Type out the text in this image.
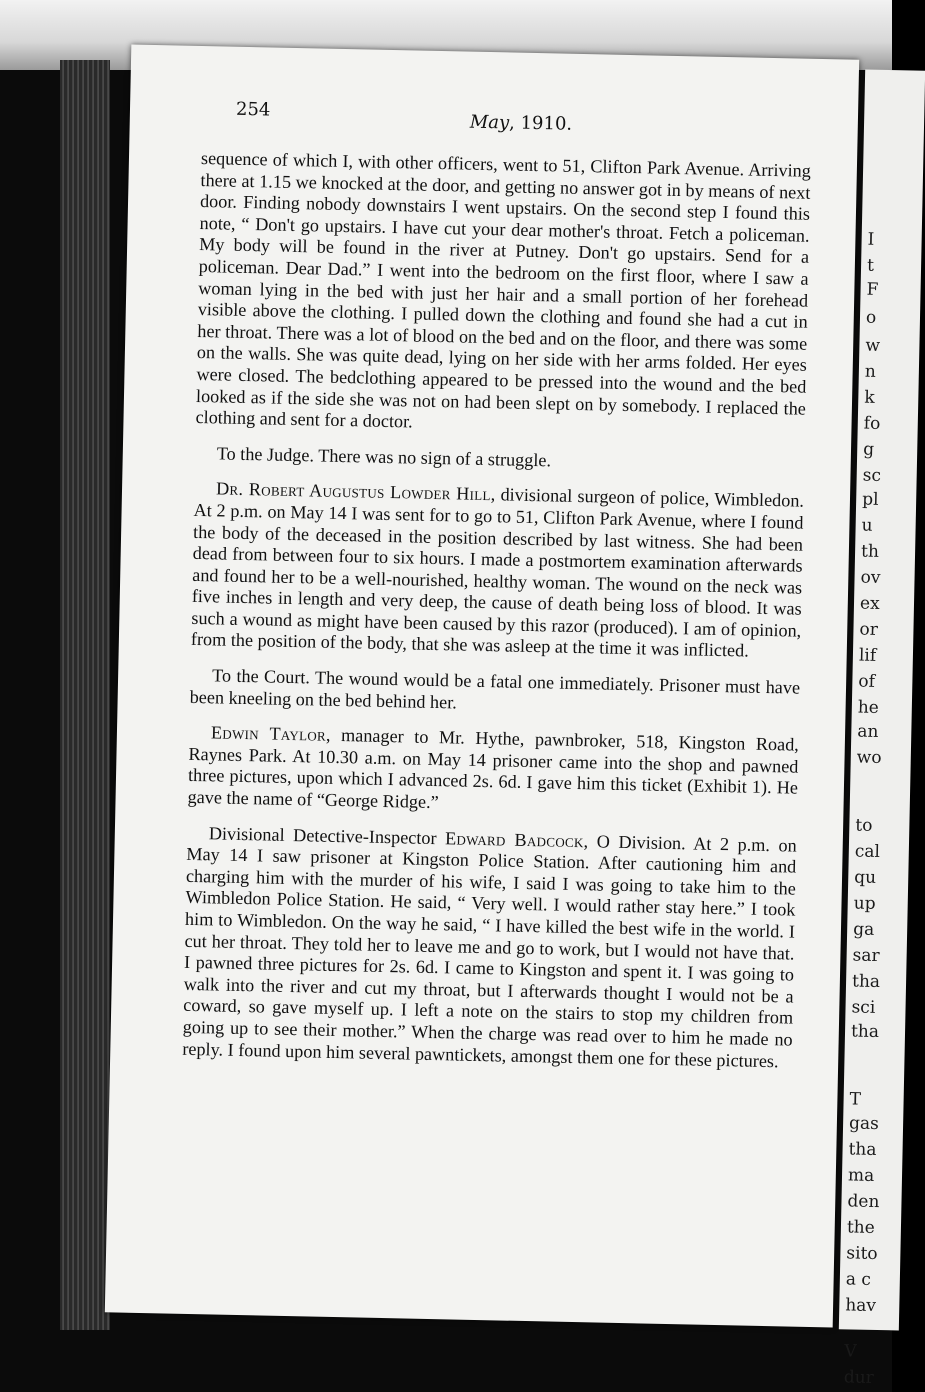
254
May, 1910.

sequence of which I, with other officers, went to 51, Clifton Park Avenue. Arriving there at 1.15 we knocked at the door, and getting no answer got in by means of next door. Finding nobody downstairs I went upstairs. On the second step I found this note, “ Don't go upstairs. I have cut your dear mother's throat. Fetch a policeman. My body will be found in the river at Putney. Don't go upstairs. Send for a policeman. Dear Dad.” I went into the bedroom on the first floor, where I saw a woman lying in the bed with just her hair and a small portion of her forehead visible above the clothing. I pulled down the clothing and found she had a cut in her throat. There was a lot of blood on the bed and on the floor, and there was some on the walls. She was quite dead, lying on her side with her arms folded. Her eyes were closed. The bedclothing appeared to be pressed into the wound and the bed looked as if the side she was not on had been slept on by somebody. I replaced the clothing and sent for a doctor.

To the Judge. There was no sign of a struggle.

Dr. Robert Augustus Lowder Hill, divisional surgeon of police, Wimbledon. At 2 p.m. on May 14 I was sent for to go to 51, Clifton Park Avenue, where I found the body of the deceased in the position described by last witness. She had been dead from between four to six hours. I made a postmortem examination afterwards and found her to be a well-nourished, healthy woman. The wound on the neck was five inches in length and very deep, the cause of death being loss of blood. It was such a wound as might have been caused by this razor (produced). I am of opinion, from the position of the body, that she was asleep at the time it was inflicted.

To the Court. The wound would be a fatal one immediately. Prisoner must have been kneeling on the bed behind her.

Edwin Taylor, manager to Mr. Hythe, pawnbroker, 518, Kingston Road, Raynes Park. At 10.30 a.m. on May 14 prisoner came into the shop and pawned three pictures, upon which I advanced 2s. 6d. I gave him this ticket (Exhibit 1). He gave the name of “George Ridge.”

Divisional Detective-Inspector Edward Badcock, O Division. At 2 p.m. on May 14 I saw prisoner at Kingston Police Station. After cautioning him and charging him with the murder of his wife, I said I was going to take him to the Wimbledon Police Station. He said, “ Very well. I would rather stay here.” I took him to Wimbledon. On the way he said, “ I have killed the best wife in the world. I cut her throat. They told her to leave me and go to work, but I would not have that. I pawned three pictures for 2s. 6d. I came to Kingston and spent it. I was going to walk into the river and cut my throat, but I afterwards thought I would not be a coward, so gave myself up. I left a note on the stairs to stop my children from going up to see their mother.” When the charge was read over to him he made no reply. I found upon him several pawntickets, amongst them one for these pictures.

I
t
F
o
w
n
k
fo
g
sc
pl
u
th
ov
ex
or
lif
of
he
an
wo
to
cal
qu
up
ga
sar
tha
sci
tha
T
gas
tha
ma
den
the
sito
a c
hav
V
dur
